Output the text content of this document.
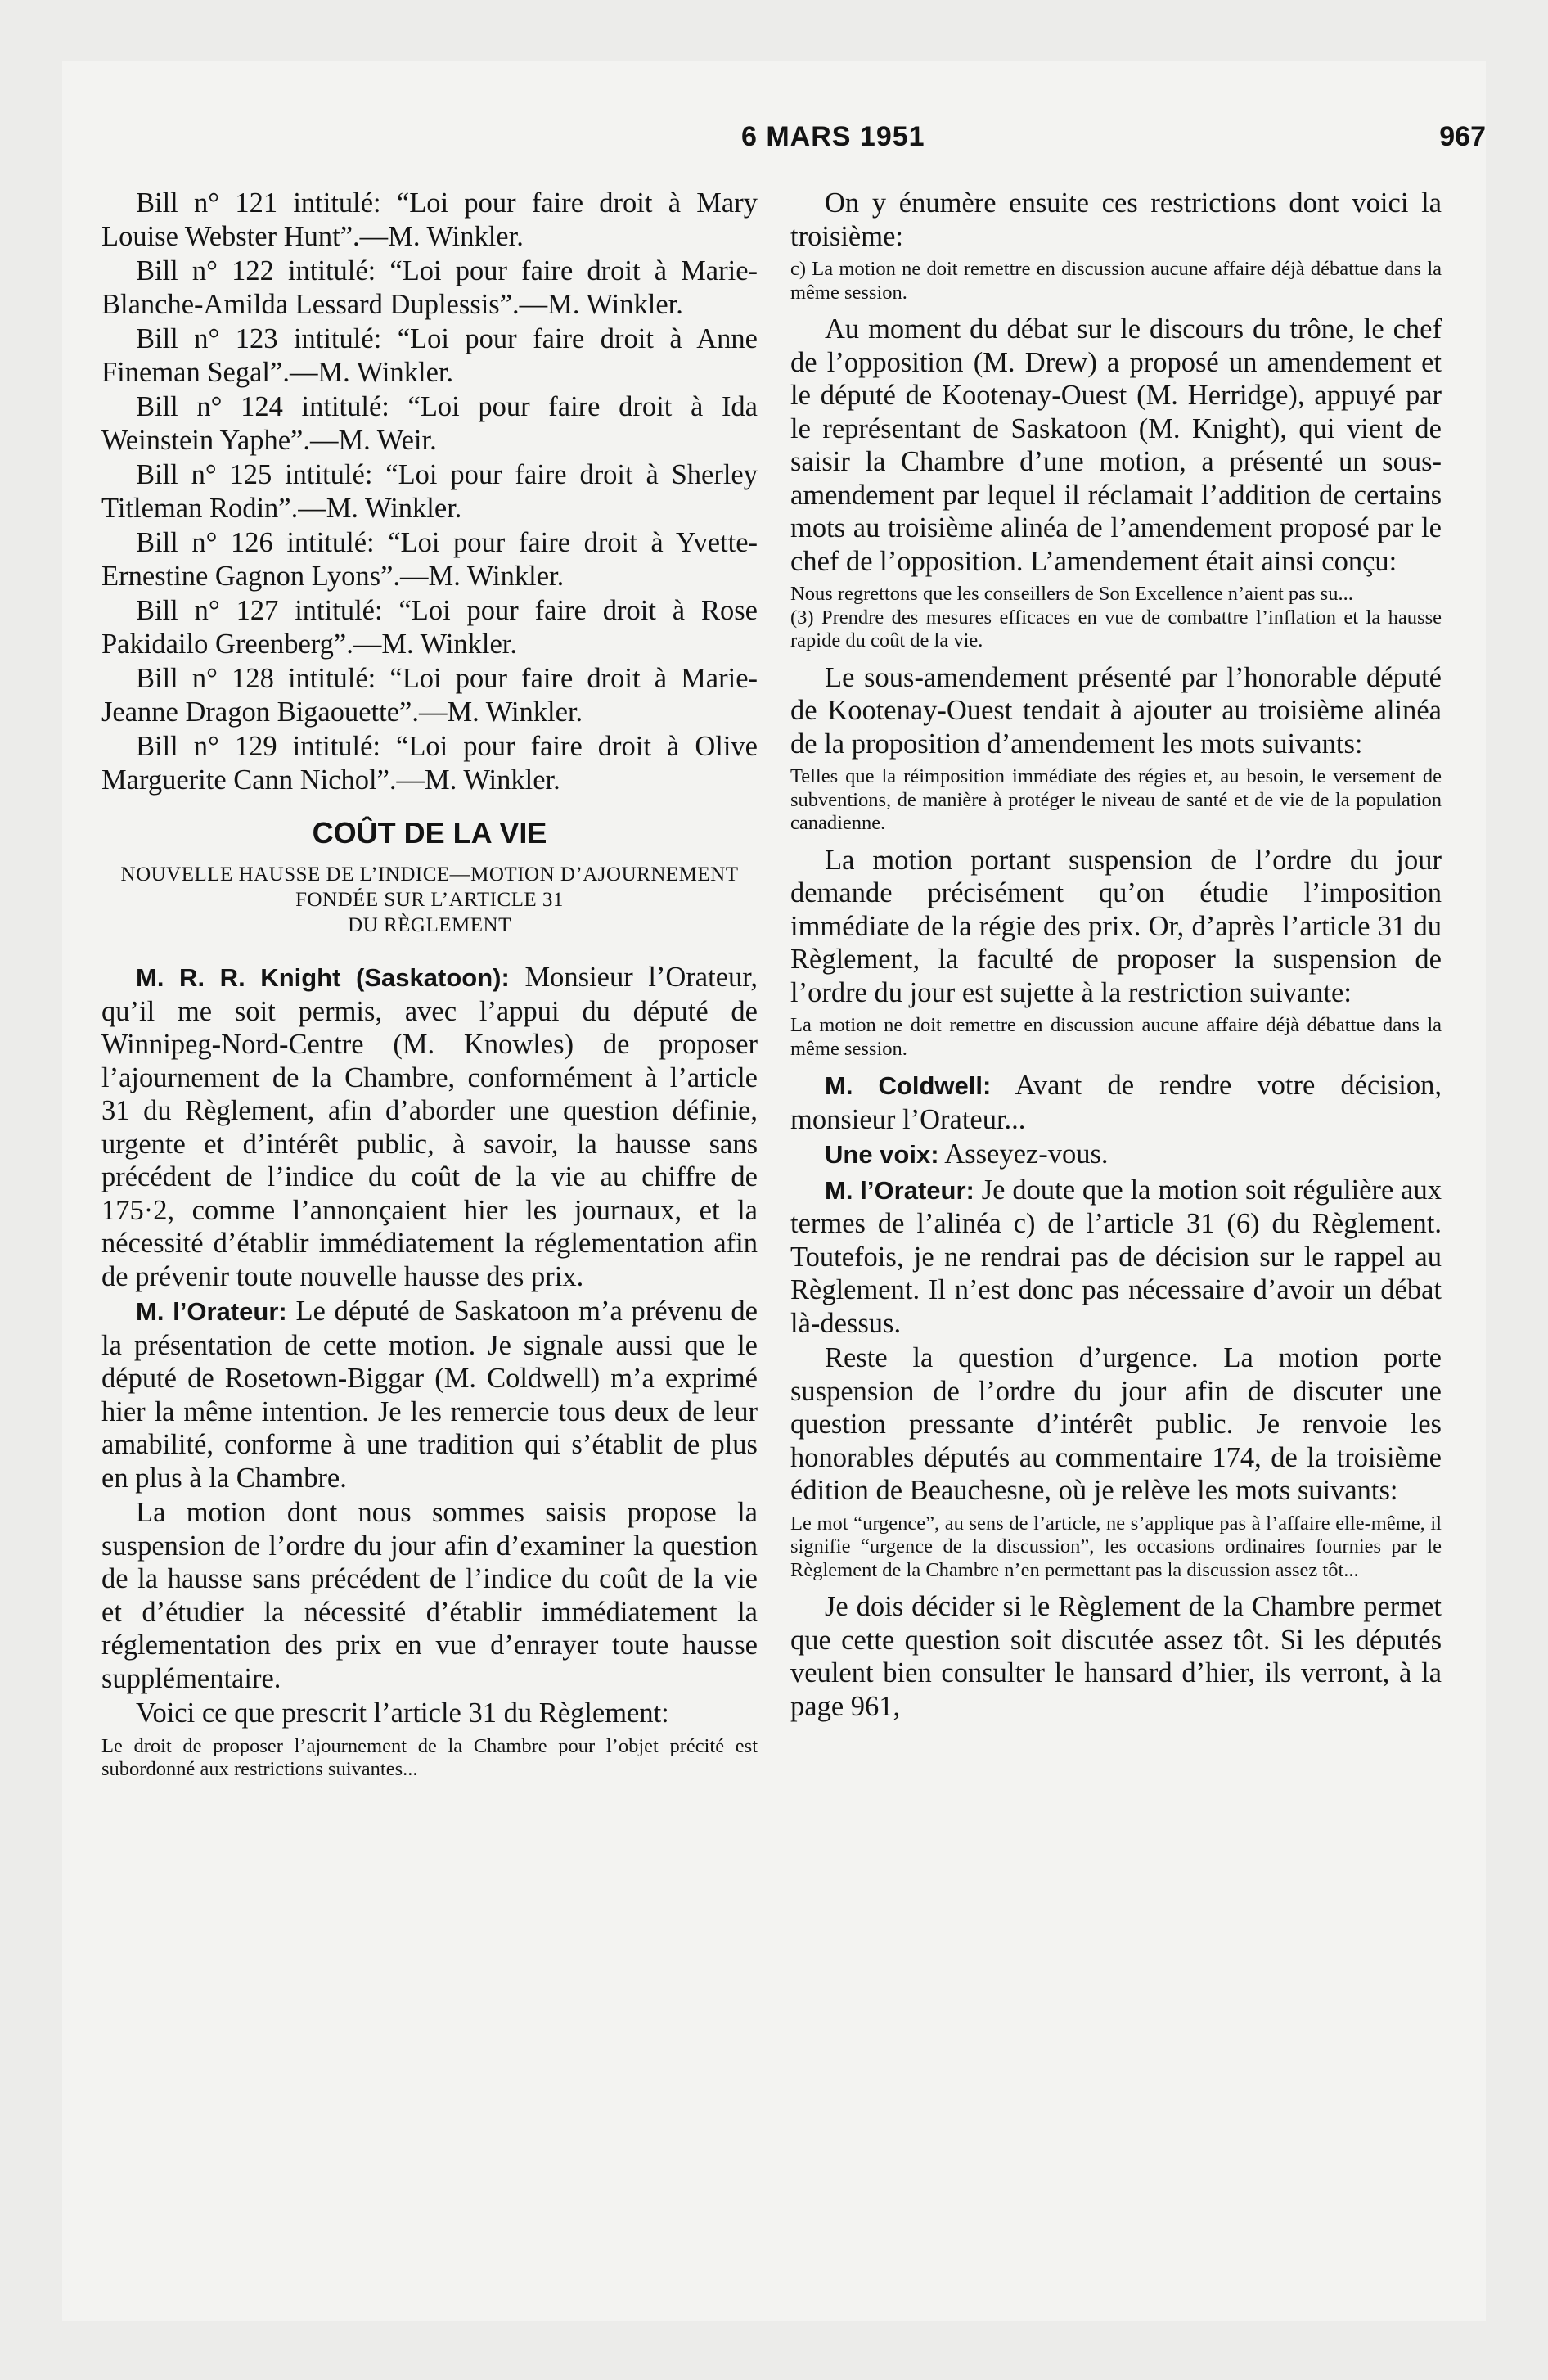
6 MARS 1951	967

Bill n° 121 intitulé: “Loi pour faire droit à Mary Louise Webster Hunt”.—M. Winkler.

Bill n° 122 intitulé: “Loi pour faire droit à Marie-Blanche-Amilda Lessard Duplessis”.—M. Winkler.

Bill n° 123 intitulé: “Loi pour faire droit à Anne Fineman Segal”.—M. Winkler.

Bill n° 124 intitulé: “Loi pour faire droit à Ida Weinstein Yaphe”.—M. Weir.

Bill n° 125 intitulé: “Loi pour faire droit à Sherley Titleman Rodin”.—M. Winkler.

Bill n° 126 intitulé: “Loi pour faire droit à Yvette-Ernestine Gagnon Lyons”.—M. Winkler.

Bill n° 127 intitulé: “Loi pour faire droit à Rose Pakidailo Greenberg”.—M. Winkler.

Bill n° 128 intitulé: “Loi pour faire droit à Marie-Jeanne Dragon Bigaouette”.—M. Winkler.

Bill n° 129 intitulé: “Loi pour faire droit à Olive Marguerite Cann Nichol”.—M. Winkler.

COÛT DE LA VIE

NOUVELLE HAUSSE DE L’INDICE—MOTION D’AJOURNEMENT FONDÉE SUR L’ARTICLE 31
DU RÈGLEMENT

M. R. R. Knight (Saskatoon): Monsieur l’Orateur, qu’il me soit permis, avec l’appui du député de Winnipeg-Nord-Centre (M. Knowles) de proposer l’ajournement de la Chambre, conformément à l’article 31 du Règlement, afin d’aborder une question définie, urgente et d’intérêt public, à savoir, la hausse sans précédent de l’indice du coût de la vie au chiffre de 175·2, comme l’annonçaient hier les journaux, et la nécessité d’établir immédiatement la réglementation afin de prévenir toute nouvelle hausse des prix.

M. l’Orateur: Le député de Saskatoon m’a prévenu de la présentation de cette motion. Je signale aussi que le député de Rosetown-Biggar (M. Coldwell) m’a exprimé hier la même intention. Je les remercie tous deux de leur amabilité, conforme à une tradition qui s’établit de plus en plus à la Chambre.

La motion dont nous sommes saisis propose la suspension de l’ordre du jour afin d’examiner la question de la hausse sans précédent de l’indice du coût de la vie et d’étudier la nécessité d’établir immédiatement la réglementation des prix en vue d’enrayer toute hausse supplémentaire.

Voici ce que prescrit l’article 31 du Règlement:

Le droit de proposer l’ajournement de la Chambre pour l’objet précité est subordonné aux restrictions suivantes...

On y énumère ensuite ces restrictions dont voici la troisième:

c) La motion ne doit remettre en discussion aucune affaire déjà débattue dans la même session.

Au moment du débat sur le discours du trône, le chef de l’opposition (M. Drew) a proposé un amendement et le député de Kootenay-Ouest (M. Herridge), appuyé par le représentant de Saskatoon (M. Knight), qui vient de saisir la Chambre d’une motion, a présenté un sous-amendement par lequel il réclamait l’addition de certains mots au troisième alinéa de l’amendement proposé par le chef de l’opposition. L’amendement était ainsi conçu:

Nous regrettons que les conseillers de Son Excellence n’aient pas su...
(3) Prendre des mesures efficaces en vue de combattre l’inflation et la hausse rapide du coût de la vie.

Le sous-amendement présenté par l’honorable député de Kootenay-Ouest tendait à ajouter au troisième alinéa de la proposition d’amendement les mots suivants:

Telles que la réimposition immédiate des régies et, au besoin, le versement de subventions, de manière à protéger le niveau de santé et de vie de la population canadienne.

La motion portant suspension de l’ordre du jour demande précisément qu’on étudie l’imposition immédiate de la régie des prix. Or, d’après l’article 31 du Règlement, la faculté de proposer la suspension de l’ordre du jour est sujette à la restriction suivante:

La motion ne doit remettre en discussion aucune affaire déjà débattue dans la même session.

M. Coldwell: Avant de rendre votre décision, monsieur l’Orateur...

Une voix: Asseyez-vous.

M. l’Orateur: Je doute que la motion soit régulière aux termes de l’alinéa c) de l’article 31 (6) du Règlement. Toutefois, je ne rendrai pas de décision sur le rappel au Règlement. Il n’est donc pas nécessaire d’avoir un débat là-dessus.

Reste la question d’urgence. La motion porte suspension de l’ordre du jour afin de discuter une question pressante d’intérêt public. Je renvoie les honorables députés au commentaire 174, de la troisième édition de Beauchesne, où je relève les mots suivants:

Le mot “urgence”, au sens de l’article, ne s’applique pas à l’affaire elle-même, il signifie “urgence de la discussion”, les occasions ordinaires fournies par le Règlement de la Chambre n’en permettant pas la discussion assez tôt...

Je dois décider si le Règlement de la Chambre permet que cette question soit discutée assez tôt. Si les députés veulent bien consulter le hansard d’hier, ils verront, à la page 961,
